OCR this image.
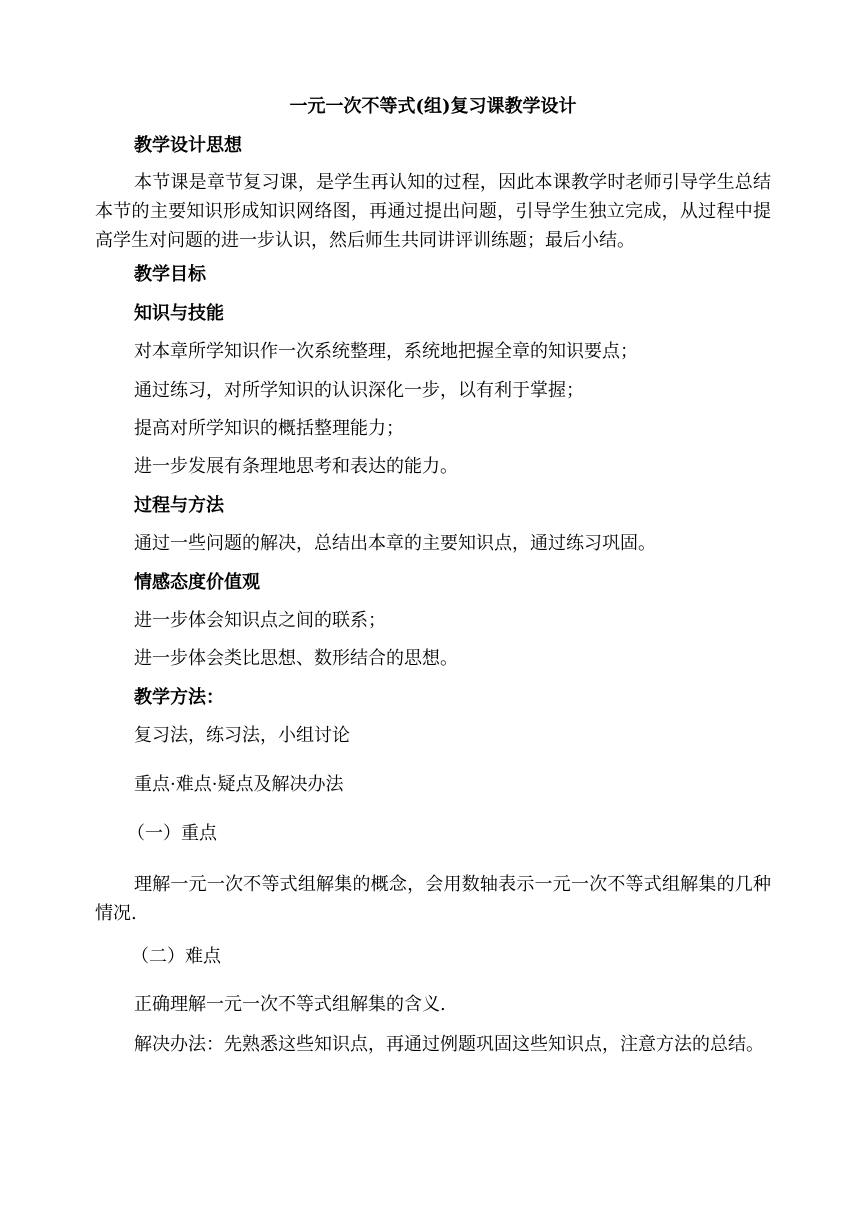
一元一次不等式(组)复习课教学设计
教学设计思想
本节课是章节复习课，是学生再认知的过程，因此本课教学时老师引导学生总结本节的主要知识形成知识网络图，再通过提出问题，引导学生独立完成，从过程中提高学生对问题的进一步认识，然后师生共同讲评训练题；最后小结。
教学目标
知识与技能
对本章所学知识作一次系统整理，系统地把握全章的知识要点；
通过练习，对所学知识的认识深化一步，以有利于掌握；
提高对所学知识的概括整理能力；
进一步发展有条理地思考和表达的能力。
过程与方法
通过一些问题的解决，总结出本章的主要知识点，通过练习巩固。
情感态度价值观
进一步体会知识点之间的联系；
进一步体会类比思想、数形结合的思想。
教学方法：
复习法，练习法，小组讨论
重点·难点·疑点及解决办法
（一）重点
理解一元一次不等式组解集的概念，会用数轴表示一元一次不等式组解集的几种情况.
（二）难点
正确理解一元一次不等式组解集的含义.
解决办法：先熟悉这些知识点，再通过例题巩固这些知识点，注意方法的总结。
